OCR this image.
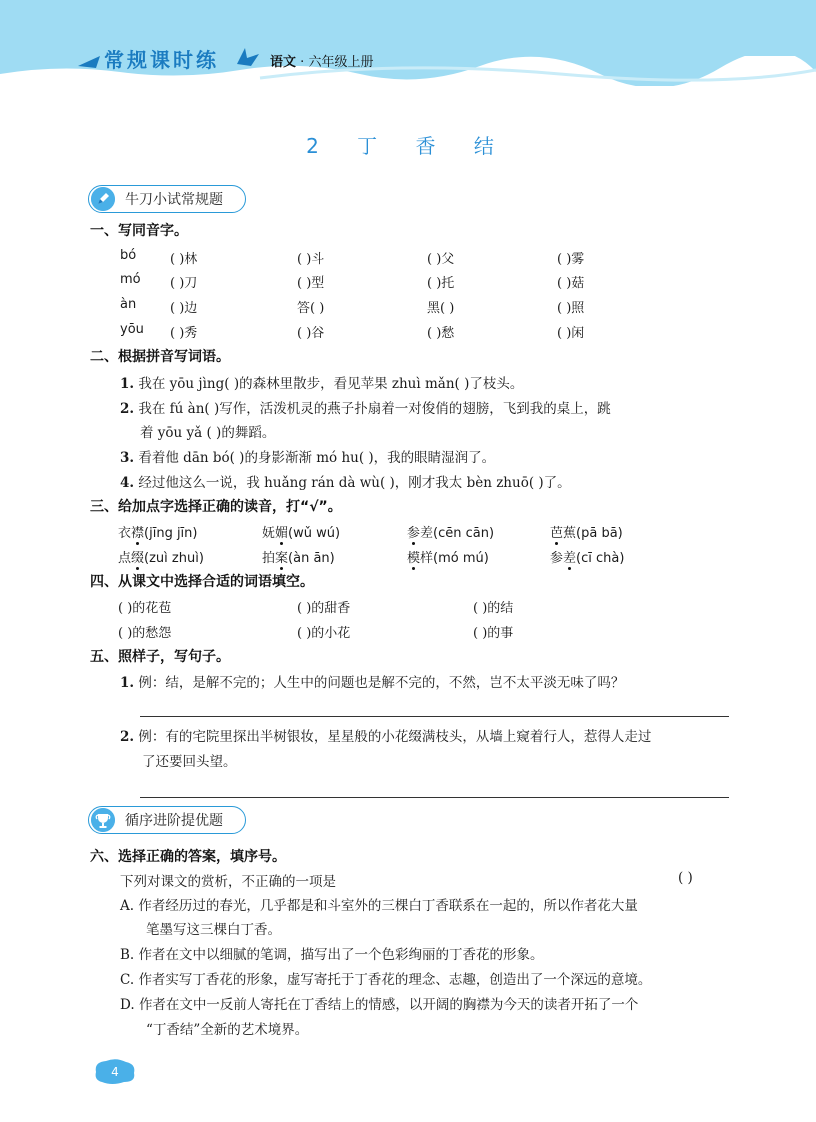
常规课时练	语文 · 六年级上册
2 丁 香 结
牛刀小试常规题
一、写同音字。
bó	( )林	( )斗	( )父	( )雾
mó ( )刀	( )型	( )托	( )菇
àn	( )边	答( )	黑( )	( )照
yōu ( )秀	( )谷	( )愁	( )闲
二、根据拼音写词语。
1. 我在 yōu jìng( )的森林里散步，看见苹果 zhuì mǎn( )了枝头。
2. 我在 fú àn( )写作，活泼机灵的燕子扑扇着一对俊俏的翅膀，飞到我的桌上，跳
着 yōu yǎ ( )的舞蹈。
3. 看着他 dān bó( )的身影渐渐 mó hu( )，我的眼睛湿润了。
4. 经过他这么一说，我 huǎng rán dà wù( )，刚才我太 bèn zhuō( )了。
三、给加点字选择正确的读音，打“√”。
衣襟(jīng jīn)	妩媚(wǔ wú)	参差(cēn cān)	芭蕉(pā bā)
点缀(zuì zhuì)	拍案(àn ān)	模样(mó mú)	参差(cī chà)
四、从课文中选择合适的词语填空。
( )的花苞	( )的甜香	( )的结
( )的愁怨	( )的小花	( )的事
五、照样子，写句子。
1. 例：结，是解不完的；人生中的问题也是解不完的，不然，岂不太平淡无味了吗？
2. 例：有的宅院里探出半树银妆，星星般的小花缀满枝头，从墙上窥着行人，惹得人走过
了还要回头望。
循序进阶提优题
六、选择正确的答案，填序号。
下列对课文的赏析，不正确的一项是	( )
A. 作者经历过的春光，几乎都是和斗室外的三棵白丁香联系在一起的，所以作者花大量
笔墨写这三棵白丁香。
B. 作者在文中以细腻的笔调，描写出了一个色彩绚丽的丁香花的形象。
C. 作者实写丁香花的形象，虚写寄托于丁香花的理念、志趣，创造出了一个深远的意境。
D. 作者在文中一反前人寄托在丁香结上的情感，以开阔的胸襟为今天的读者开拓了一个
“丁香结”全新的艺术境界。
4
